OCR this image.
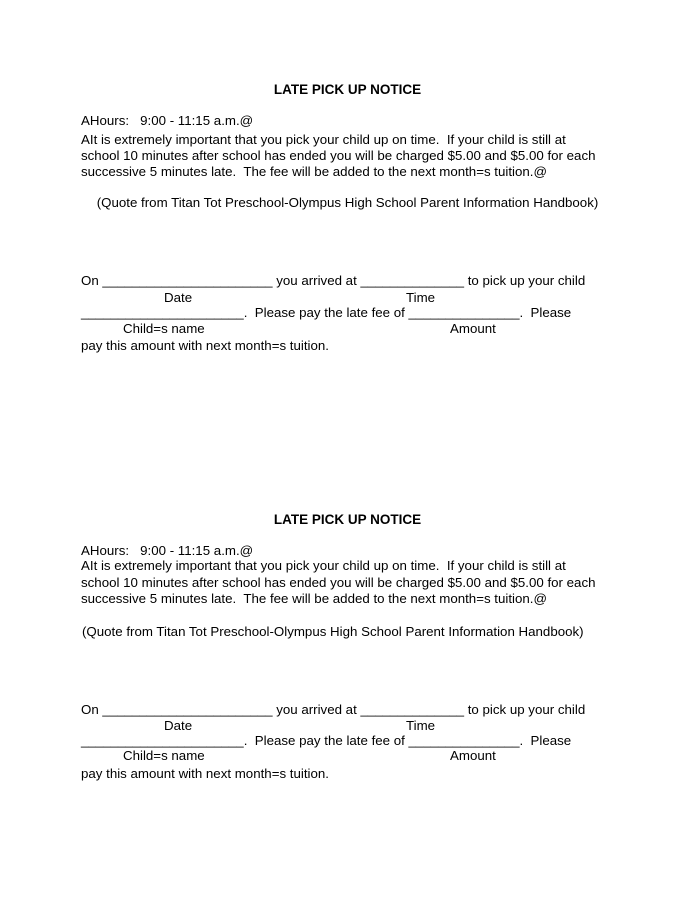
LATE PICK UP NOTICE
AHours:   9:00 - 11:15 a.m.@
AIt is extremely important that you pick your child up on time.  If your child is still at
school 10 minutes after school has ended you will be charged $5.00 and $5.00 for each
successive 5 minutes late.  The fee will be added to the next month=s tuition.@
(Quote from Titan Tot Preschool-Olympus High School Parent Information Handbook)
On _______________________ you arrived at ______________ to pick up your child
Date	Time
______________________.  Please pay the late fee of _______________.  Please
Child=s name	Amount
pay this amount with next month=s tuition.
LATE PICK UP NOTICE
AHours:   9:00 - 11:15 a.m.@
AIt is extremely important that you pick your child up on time.  If your child is still at
school 10 minutes after school has ended you will be charged $5.00 and $5.00 for each
successive 5 minutes late.  The fee will be added to the next month=s tuition.@
(Quote from Titan Tot Preschool-Olympus High School Parent Information Handbook)
On _______________________ you arrived at ______________ to pick up your child
Date	Time
______________________.  Please pay the late fee of _______________.  Please
Child=s name	Amount
pay this amount with next month=s tuition.
